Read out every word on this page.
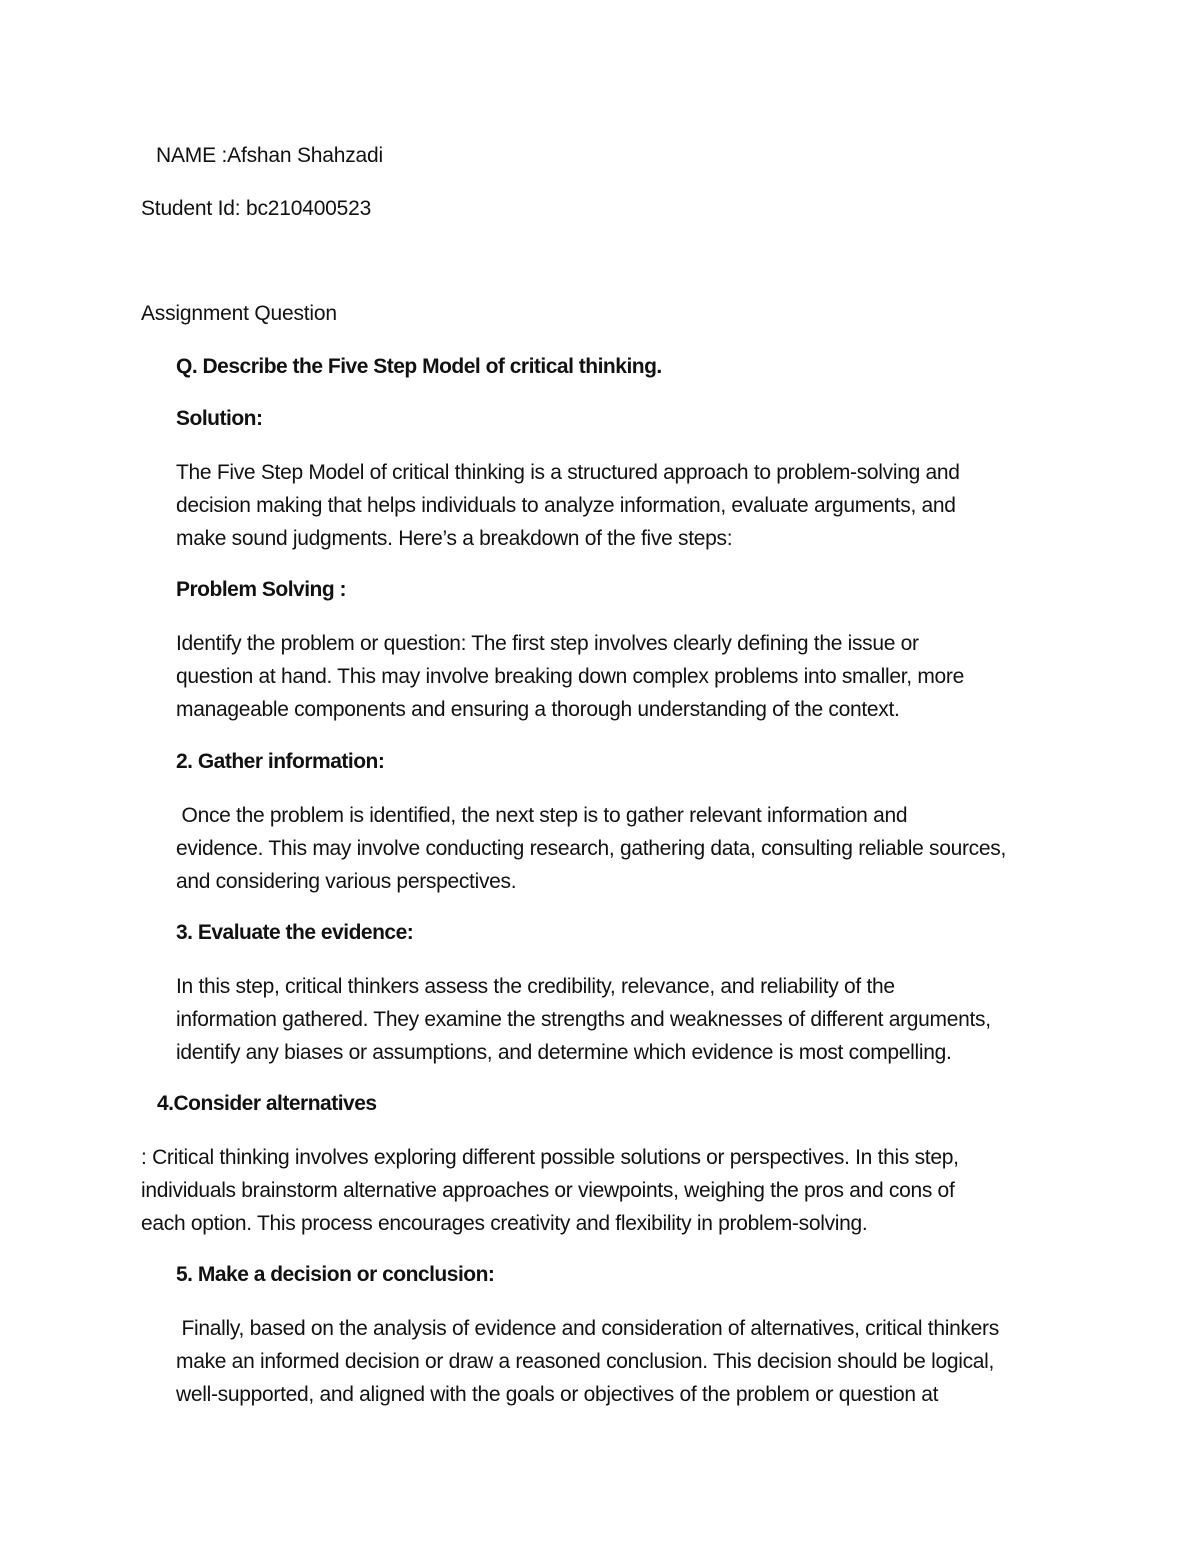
NAME :Afshan Shahzadi
Student Id: bc210400523
Assignment Question
Q. Describe the Five Step Model of critical thinking.
Solution:
The Five Step Model of critical thinking is a structured approach to problem-solving and
decision making that helps individuals to analyze information, evaluate arguments, and
make sound judgments. Here’s a breakdown of the five steps:
Problem Solving :
Identify the problem or question: The first step involves clearly defining the issue or
question at hand. This may involve breaking down complex problems into smaller, more
manageable components and ensuring a thorough understanding of the context.
2. Gather information:
Once the problem is identified, the next step is to gather relevant information and
evidence. This may involve conducting research, gathering data, consulting reliable sources,
and considering various perspectives.
3. Evaluate the evidence:
In this step, critical thinkers assess the credibility, relevance, and reliability of the
information gathered. They examine the strengths and weaknesses of different arguments,
identify any biases or assumptions, and determine which evidence is most compelling.
4.Consider alternatives
: Critical thinking involves exploring different possible solutions or perspectives. In this step,
individuals brainstorm alternative approaches or viewpoints, weighing the pros and cons of
each option. This process encourages creativity and flexibility in problem-solving.
5. Make a decision or conclusion:
Finally, based on the analysis of evidence and consideration of alternatives, critical thinkers
make an informed decision or draw a reasoned conclusion. This decision should be logical,
well-supported, and aligned with the goals or objectives of the problem or question at
